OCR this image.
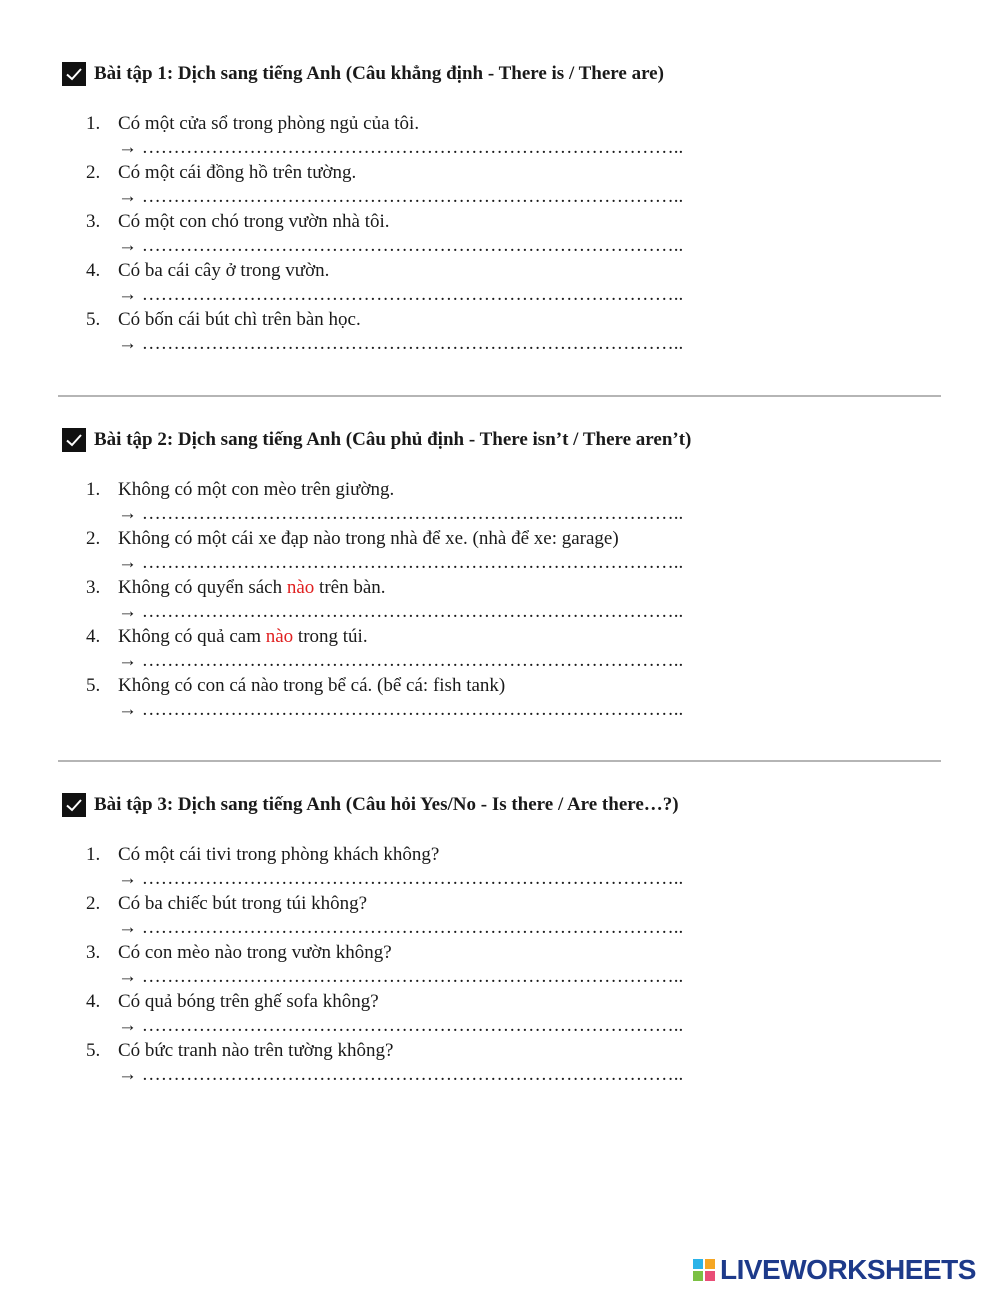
Bài tập 1: Dịch sang tiếng Anh (Câu khẳng định - There is / There are)
1. Có một cửa sổ trong phòng ngủ của tôi.
→ …………………………………………………………………………..
2. Có một cái đồng hồ trên tường.
→ …………………………………………………………………………..
3. Có một con chó trong vườn nhà tôi.
→ …………………………………………………………………………..
4. Có ba cái cây ở trong vườn.
→ …………………………………………………………………………..
5. Có bốn cái bút chì trên bàn học.
→ …………………………………………………………………………..
Bài tập 2: Dịch sang tiếng Anh (Câu phủ định - There isn’t / There aren’t)
1. Không có một con mèo trên giường.
→ …………………………………………………………………………..
2. Không có một cái xe đạp nào trong nhà để xe. (nhà để xe: garage)
→ …………………………………………………………………………..
3. Không có quyển sách nào trên bàn.
→ …………………………………………………………………………..
4. Không có quả cam nào trong túi.
→ …………………………………………………………………………..
5. Không có con cá nào trong bể cá. (bể cá: fish tank)
→ …………………………………………………………………………..
Bài tập 3: Dịch sang tiếng Anh (Câu hỏi Yes/No - Is there / Are there…?)
1. Có một cái tivi trong phòng khách không?
→ …………………………………………………………………………..
2. Có ba chiếc bút trong túi không?
→ …………………………………………………………………………..
3. Có con mèo nào trong vườn không?
→ …………………………………………………………………………..
4. Có quả bóng trên ghế sofa không?
→ …………………………………………………………………………..
5. Có bức tranh nào trên tường không?
→ …………………………………………………………………………..
LIVEWORKSHEETS
